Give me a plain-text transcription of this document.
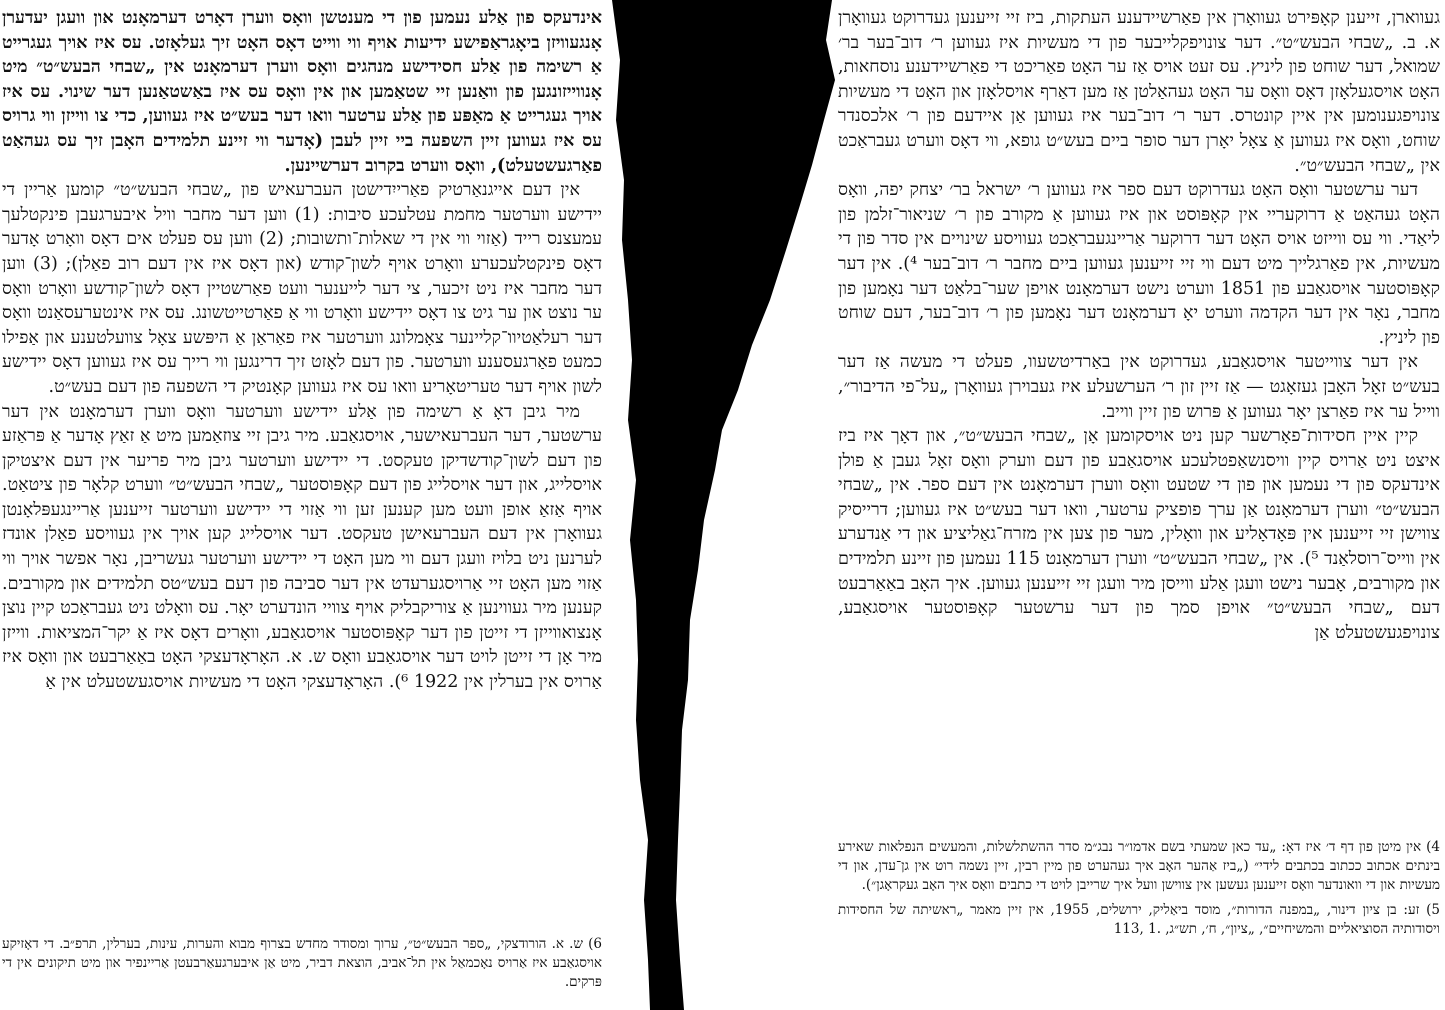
געווארן, זייענן קאָפּירט געוואָרן אין פאַרשיידענע העתקות, ביז זיי זייענען געדרוקט געוואָרן א. ב. „שבחי הבעש״ט״. דער צונויפקלייבער פון די מעשיות איז געווען ר׳ דוב־בער בר׳ שמואל, דער שוחט פון ליניץ. עס זעט אויס אַז ער האָט פאַריכט די פאַרשיידענע נוסחאות, האָט אויסגעלאָזן דאָס וואָס ער האָט געהאַלטן אַז מען דאַרף אויסלאָזן און האָט די מעשיות צונויפגענומען אין איין קונטרס. דער ר׳ דוב־בער איז געווען אַן איידעם פון ר׳ אלכסנדר שוחט, וואָס איז געווען אַ צאָל יאָרן דער סופר ביים בעש״ט גופא, ווי דאָס ווערט געבראַכט אין „שבחי הבעש״ט״.

דער ערשטער וואָס האָט געדרוקט דעם ספר איז געווען ר׳ ישראל בר׳ יצחק יפה, וואָס האָט געהאַט אַ דרוקעריי אין קאָפּוסט און איז געווען אַ מקורב פון ר׳ שניאור־זלמן פון ליאַדי. ווי עס ווייזט אויס האָט דער דרוקער אַריינגעבראַכט געוויסע שינויים אין סדר פון די מעשיות, אין פאַרגלייך מיט דעם ווי זיי זייענען געווען ביים מחבר ר׳ דוב־בער ⁴). אין דער קאָפּוסטער אויסגאַבע פון 1851 ווערט נישט דערמאָנט אויפן שער־בלאַט דער נאָמען פון מחבר, נאָר אין דער הקדמה ווערט יאָ דערמאָנט דער נאָמען פון ר׳ דוב־בער, דעם שוחט פון ליניץ.

אין דער צווייטער אויסגאַבע, געדרוקט אין באַרדיטשעוו, פעלט די מעשה אַז דער בעש״ט זאָל האָבן געזאָגט — אַז זיין זון ר׳ הערשעלע איז געבוירן געוואָרן „על־פי הדיבור״, ווייל ער איז פאַרצן יאָר געווען אַ פּרוש פון זיין ווייב.

קיין איין חסידות־פאָרשער קען ניט אויסקומען אָן „שבחי הבעש״ט״, און דאָך איז ביז איצט ניט אַרויס קיין וויסנשאַפטלעכע אויסגאַבע פון דעם ווערק וואָס זאָל געבן אַ פולן אינדעקס פון די נעמען און פון די שטעט וואָס ווערן דערמאָנט אין דעם ספר. אין „שבחי הבעש״ט״ ווערן דערמאָנט אַן ערך פופציק ערטער, וואו דער בעש״ט איז געווען; דרייסיק צווישן זיי זייענען אין פּאָדאָליע און וואָלין, מער פון צען אין מזרח־גאַליציע און די אַנדערע אין ווייס־רוסלאַנד ⁵). אין „שבחי הבעש״ט״ ווערן דערמאָנט 115 נעמען פון זיינע תלמידים און מקורבים, אָבער נישט וועגן אַלע ווייסן מיר וועגן זיי זייענען געווען. איך האָב באַאַרבעט דעם „שבחי הבעש״ט״ אויפן סמך פון דער ערשטער קאָפּוסטער אויסגאַבע, צונויפגעשטעלט אַן

4) אין מיטן פון דף ד׳ איז דאָ: „עד כאן שמעתי בשם אדמו״ר נבג״מ סדר ההשתלשלות, והמעשים הנפלאות שאירע בינתים אכתוב ככתוב בכתבים לידי״ („ביז אַהער האָב איך געהערט פון מיין רבין, זיין נשמה רוט אין גן־עדן, און די מעשיות און די וואונדער וואָס זייענען געשען אין צווישן וועל איך שרייבן לויט די כתבים וואָס איך האָב געקראָגן״).

5) זע: בן ציון דינור, „במפנה הדורות״, מוסד ביאַליק, ירושלים, 1955, אין זיין מאמר „ראשיתה של החסידות ויסודותיה הסוציאליים והמשיחיים״, „ציון״, ח׳, תש״ג, .1 ,113

אינדעקס פון אַלע נעמען פון די מענטשן וואָס ווערן דאָרט דערמאָנט און וועגן יעדערן אָנגעוויזן ביאָגראַפישע ידיעות אויף ווי ווייט דאָס האָט זיך געלאָזט. עס איז אויך געגרייט אַ רשימה פון אַלע חסידישע מנהגים וואָס ווערן דערמאָנט אין „שבחי הבעש״ט״ מיט אָנווייזונגען פון וואַנען זיי שטאַמען און אין וואָס עס איז באַשטאַנען דער שינוי. עס איז אויך געגרייט אַ מאַפּע פון אַלע ערטער וואו דער בעש״ט איז געווען, כדי צו ווייזן ווי גרויס עס איז געווען זיין השפעה ביי זיין לעבן (אָדער ווי זיינע תלמידים האָבן זיך עס געהאַט פאַרגעשטעלט), וואָס ווערט בקרוב דערשיינען.

אין דעם אייגנאַרטיק פאַרייִדישטן העברעאיש פון „שבחי הבעש״ט״ קומען אַריין די יידישע ווערטער מחמת עטלעכע סיבות: (1) ווען דער מחבר וויל איבערגעבן פינקטלעך עמעצנס רייד (אַזוי ווי אין די שאלות־ותשובות; (2) ווען עס פעלט אים דאָס וואָרט אָדער דאָס פינקטלעכערע וואָרט אויף לשון־קודש (און דאָס איז אין דעם רוב פאַלן); (3) ווען דער מחבר איז ניט זיכער, צי דער לייענער וועט פאַרשטיין דאָס לשון־קודשע וואָרט וואָס ער נוצט און ער גיט צו דאָס יידישע וואָרט ווי אַ פאַרטייטשונג. עס איז אינטערעסאַנט וואָס דער רעלאַטיוו־קליינער צאָמלונג ווערטער איז פאַראַן אַ היפּשע צאָל צוועלטענע און אַפילו כמעט פאַרגעסענע ווערטער. פון דעם לאָזט זיך דרינגען ווי רייך עס איז געווען דאָס יידישע לשון אויף דער טעריטאָריע וואו עס איז געווען קאָנטיק די השפעה פון דעם בעש״ט.

מיר גיבן דאָ אַ רשימה פון אַלע יידישע ווערטער וואָס ווערן דערמאָנט אין דער ערשטער, דער העברעאישער, אויסגאַבע. מיר גיבן זיי צוזאַמען מיט אַ זאַץ אָדער אַ פּראַזע פון דעם לשון־קודשדיקן טעקסט. די יידישע ווערטער גיבן מיר פריער אין דעם איצטיקן אויסלייג, און דער אויסלייג פון דעם קאָפּוסטער „שבחי הבעש״ט״ ווערט קלאָר פון ציטאַט. אויף אַזאַ אופן וועט מען קענען זען ווי אַזוי די יידישע ווערטער זייענען אַריינגעפּלאָנטן געוואָרן אין דעם העברעאישן טעקסט. דער אויסלייג קען אויך אין געוויסע פאַלן אונדז לערנען ניט בלויז וועגן דעם ווי מען האָט די יידישע ווערטער געשריבן, נאָר אפשר אויך ווי אַזוי מען האָט זיי אַרויסגערעדט אין דער סביבה פון דעם בעש״טס תלמידים און מקורבים. קענען מיר געווינען אַ צוריקבליק אויף צוויי הונדערט יאָר. עס וואָלט ניט געבראַכט קיין נוצן אָנצואווייזן די זייטן פון דער קאָפּוסטער אויסגאַבע, וואָרים דאָס איז אַ יקר־המציאות. ווייזן מיר אָן די זייטן לויט דער אויסגאַבע וואָס ש. א. האָראָדעצקי האָט באַאַרבעט און וואָס איז אַרויס אין בערלין אין 1922 ⁶). האָראָדעצקי האָט די מעשיות אויסגעשטעלט אין אַ

6) ש. א. הורודצקי, „ספר הבעש״ט״, ערוך ומסודר מחדש בצרוף מבוא והערות, עינות, בערלין, תרפ״ב. די דאָזיקע אויסגאַבע איז אַרויס נאָכמאַל אין תל־אביב, הוצאת דביר, מיט אַן איבערגעאַרבעטן אַריינפיר און מיט תיקונים אין די פּרקים.
